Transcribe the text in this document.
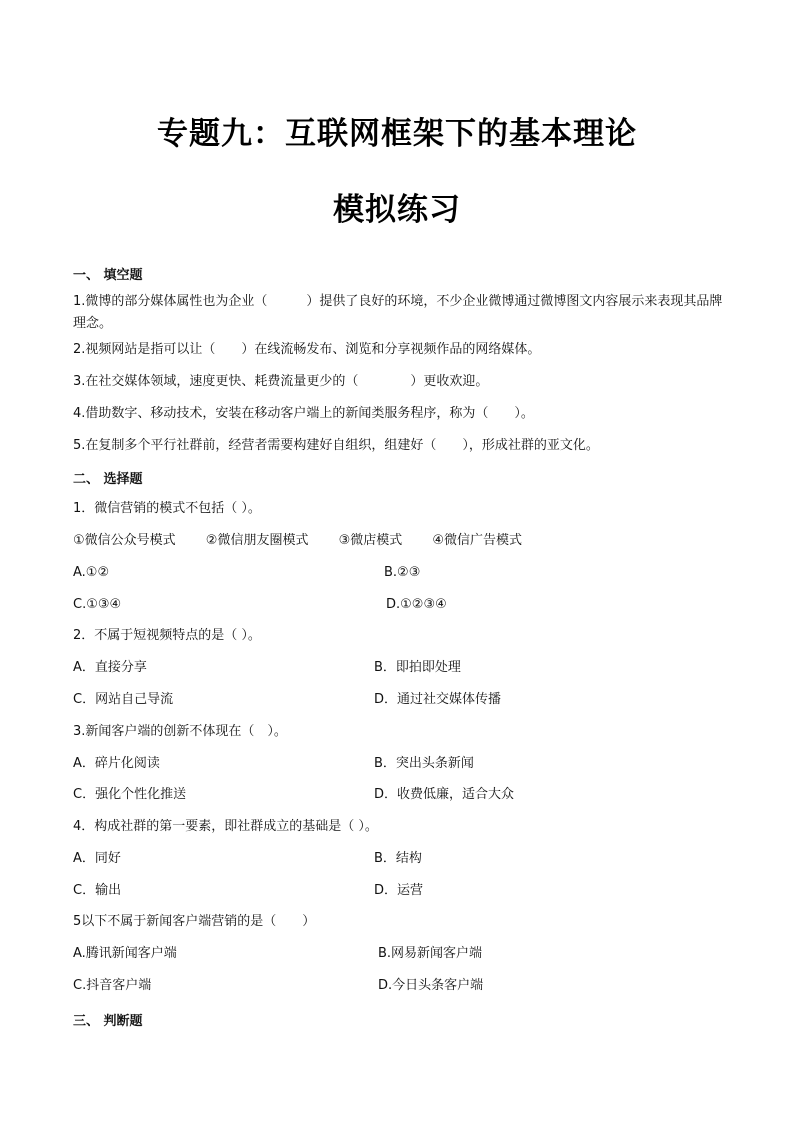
专题九：互联网框架下的基本理论
模拟练习
一、 填空题
1.微博的部分媒体属性也为企业（　　　）提供了良好的环境，不少企业微博通过微博图文内容展示来表现其品牌理念。
2.视频网站是指可以让（　　）在线流畅发布、浏览和分享视频作品的网络媒体。
3.在社交媒体领域，速度更快、耗费流量更少的（　　　　）更收欢迎。
4.借助数字、移动技术，安装在移动客户端上的新闻类服务程序，称为（　　）。
5.在复制多个平行社群前，经营者需要构建好自组织，组建好（　　），形成社群的亚文化。
二、 选择题
1．微信营销的模式不包括（ ）。
①微信公众号模式 ②微信朋友圈模式 ③微店模式 ④微信广告模式
A.①②	B.②③
C.①③④	D.①②③④
2．不属于短视频特点的是（ ）。
A．直接分享	B．即拍即处理
C．网站自己导流	D．通过社交媒体传播
3.新闻客户端的创新不体现在（　）。
A．碎片化阅读	B．突出头条新闻
C．强化个性化推送	D．收费低廉，适合大众
4．构成社群的第一要素，即社群成立的基础是（ ）。
A．同好	B．结构
C．输出	D．运营
5以下不属于新闻客户端营销的是（　　）
A.腾讯新闻客户端	B.网易新闻客户端
C.抖音客户端	D.今日头条客户端
三、 判断题
